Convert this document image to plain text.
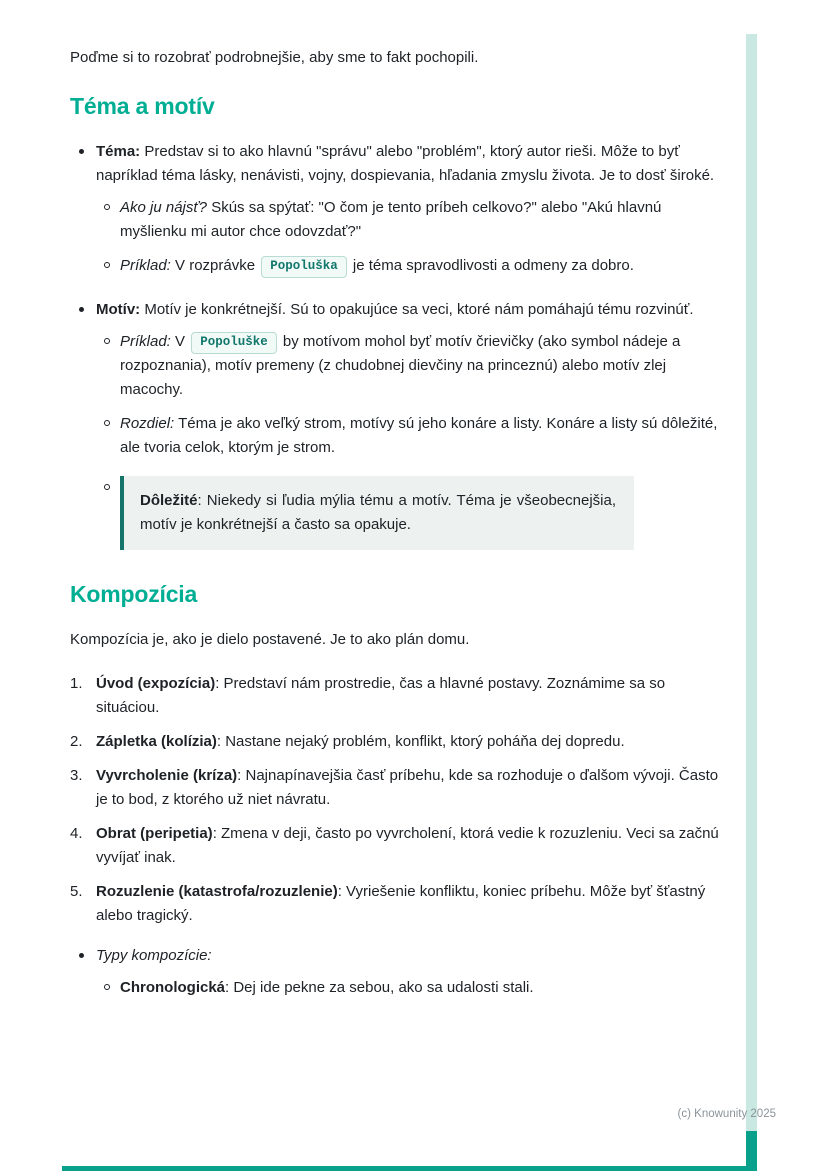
Poďme si to rozobrať podrobnejšie, aby sme to fakt pochopili.

Téma a motív
Téma: Predstav si to ako hlavnú "správu" alebo "problém", ktorý autor rieši. Môže to byť napríklad téma lásky, nenávisti, vojny, dospievania, hľadania zmyslu života. Je to dosť široké.
Ako ju nájsť? Skús sa spýtať: "O čom je tento príbeh celkovo?" alebo "Akú hlavnú myšlienku mi autor chce odovzdať?"
Príklad: V rozprávke Popoluška je téma spravodlivosti a odmeny za dobro.
Motív: Motív je konkrétnejší. Sú to opakujúce sa veci, ktoré nám pomáhajú tému rozvinúť.
Príklad: V Popoluške by motívom mohol byť motív črievičky (ako symbol nádeje a rozpoznania), motív premeny (z chudobnej dievčiny na princeznú) alebo motív zlej macochy.
Rozdiel: Téma je ako veľký strom, motívy sú jeho konáre a listy. Konáre a listy sú dôležité, ale tvoria celok, ktorým je strom.
Dôležité: Niekedy si ľudia mýlia tému a motív. Téma je všeobecnejšia, motív je konkrétnejší a často sa opakuje.
Kompozícia

Kompozícia je, ako je dielo postavené. Je to ako plán domu.

1. Úvod (expozícia): Predstaví nám prostredie, čas a hlavné postavy. Zoznámime sa so situáciou.
2. Zápletka (kolízia): Nastane nejaký problém, konflikt, ktorý poháňa dej dopredu.
3. Vyvrcholenie (kríza): Najnapínavejšia časť príbehu, kde sa rozhoduje o ďalšom vývoji. Často je to bod, z ktorého už niet návratu.
4. Obrat (peripetia): Zmena v deji, často po vyvrcholení, ktorá vedie k rozuzleniu. Veci sa začnú vyvíjať inak.
5. Rozuzlenie (katastrofa/rozuzlenie): Vyriešenie konfliktu, koniec príbehu. Môže byť šťastný alebo tragický.
Typy kompozície:
Chronologická: Dej ide pekne za sebou, ako sa udalosti stali.
(c) Knowunity 2025
